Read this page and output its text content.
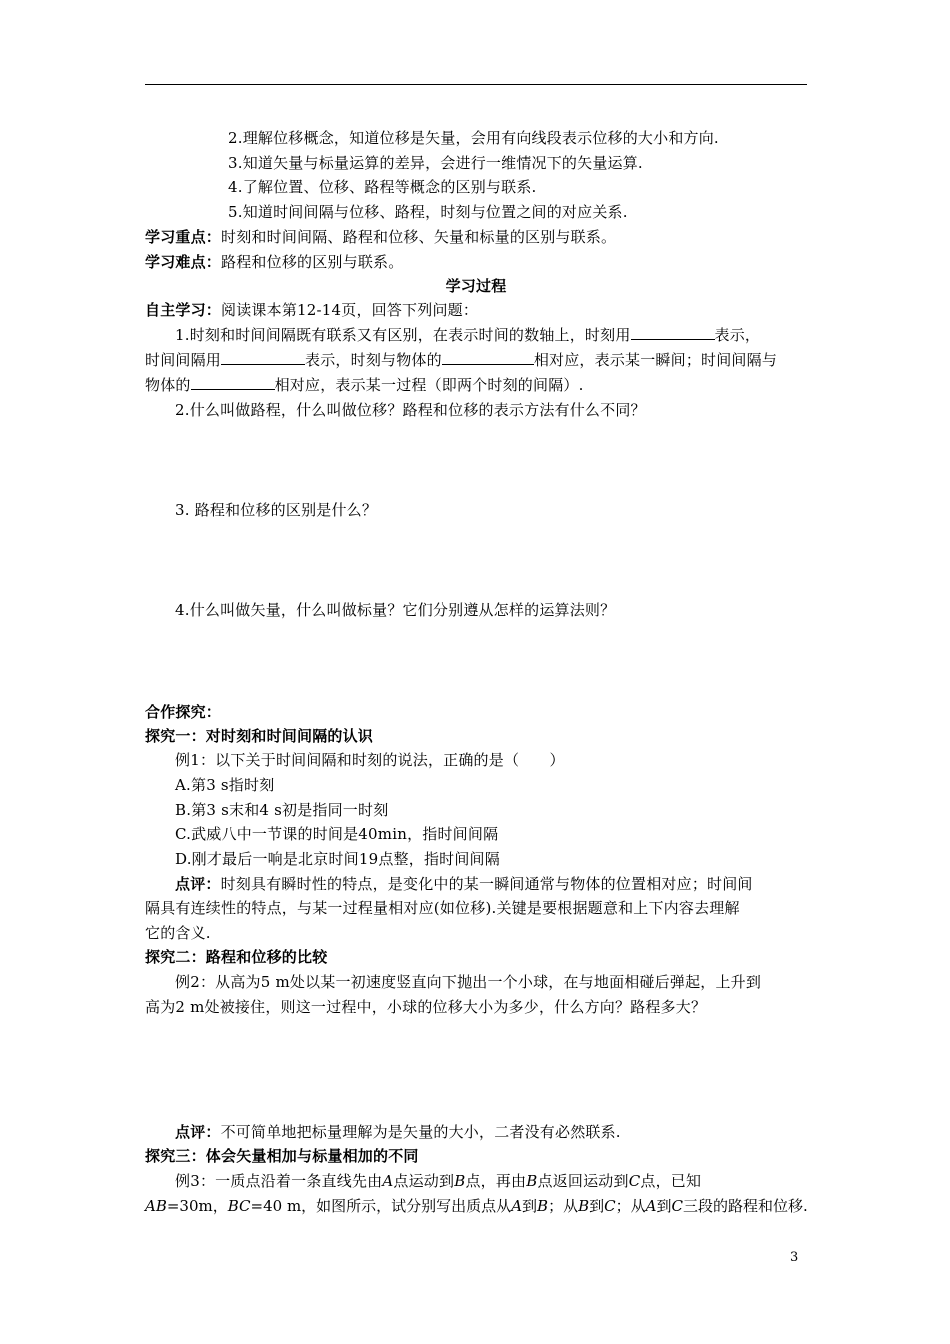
2.理解位移概念，知道位移是矢量，会用有向线段表示位移的大小和方向.
3.知道矢量与标量运算的差异，会进行一维情况下的矢量运算.
4.了解位置、位移、路程等概念的区别与联系.
5.知道时间间隔与位移、路程，时刻与位置之间的对应关系.
学习重点：时刻和时间间隔、路程和位移、矢量和标量的区别与联系。
学习难点：路程和位移的区别与联系。
学习过程
自主学习：阅读课本第12-14页，回答下列问题：
1.时刻和时间间隔既有联系又有区别，在表示时间的数轴上，时刻用	表示，
时间间隔用	表示，时刻与物体的	相对应，表示某一瞬间；时间间隔与
物体的	相对应，表示某一过程（即两个时刻的间隔）.
2.什么叫做路程，什么叫做位移？路程和位移的表示方法有什么不同？
3. 路程和位移的区别是什么？
4.什么叫做矢量，什么叫做标量？它们分别遵从怎样的运算法则？
合作探究：
探究一：对时刻和时间间隔的认识
例1：以下关于时间间隔和时刻的说法，正确的是（　　）
A.第3 s指时刻
B.第3 s末和4 s初是指同一时刻
C.武威八中一节课的时间是40min，指时间间隔
D.刚才最后一响是北京时间19点整，指时间间隔
点评：时刻具有瞬时性的特点，是变化中的某一瞬间通常与物体的位置相对应；时间间
隔具有连续性的特点，与某一过程量相对应(如位移).关键是要根据题意和上下内容去理解
它的含义.
探究二：路程和位移的比较
例2：从高为5 m处以某一初速度竖直向下抛出一个小球，在与地面相碰后弹起，上升到
高为2 m处被接住，则这一过程中，小球的位移大小为多少，什么方向？路程多大？
点评：不可简单地把标量理解为是矢量的大小，二者没有必然联系.
探究三：体会矢量相加与标量相加的不同
例3：一质点沿着一条直线先由A点运动到B点，再由B点返回运动到C点，已知
AB=30m，BC=40 m，如图所示，试分别写出质点从A到B；从B到C；从A到C三段的路程和位移.
3
